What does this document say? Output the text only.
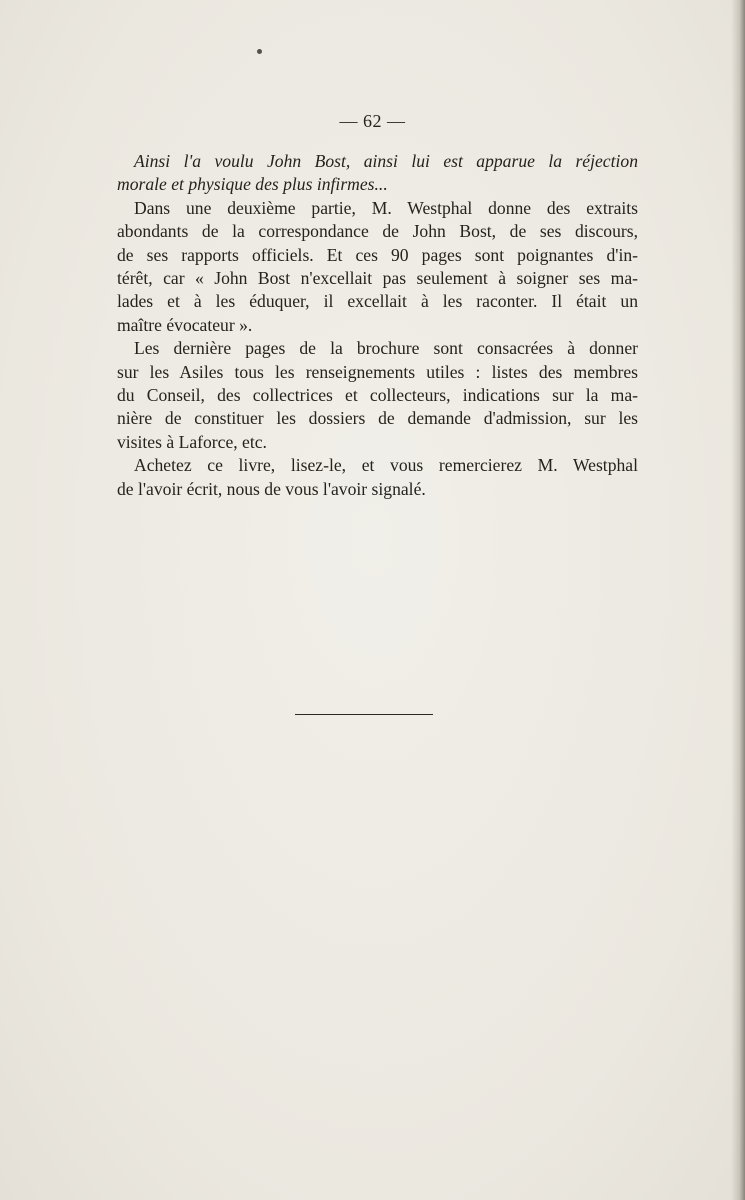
— 62 —

Ainsi l'a voulu John Bost, ainsi lui est apparue la réjection
morale et physique des plus infirmes...

Dans une deuxième partie, M. Westphal donne des extraits
abondants de la correspondance de John Bost, de ses discours,
de ses rapports officiels. Et ces 90 pages sont poignantes d'in-
térêt, car « John Bost n'excellait pas seulement à soigner ses ma-
lades et à les éduquer, il excellait à les raconter. Il était un
maître évocateur ».

Les dernière pages de la brochure sont consacrées à donner
sur les Asiles tous les renseignements utiles : listes des membres
du Conseil, des collectrices et collecteurs, indications sur la ma-
nière de constituer les dossiers de demande d'admission, sur les
visites à Laforce, etc.

Achetez ce livre, lisez-le, et vous remercierez M. Westphal
de l'avoir écrit, nous de vous l'avoir signalé.
